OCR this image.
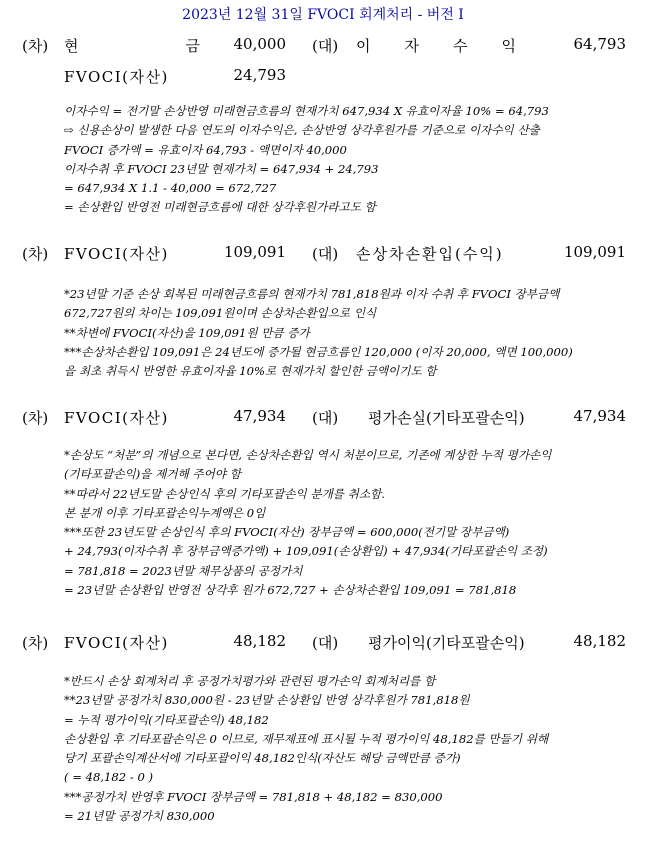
2023년 12월 31일 FVOCI 회계처리 - 버전 I
(차) 현	금	40,000 (대) 이 자 수 익	64,793
FVOCI(자산)	24,793
이자수익 = 전기말 손상반영 미래현금흐름의 현재가치 647,934 X 유효이자율 10% = 64,793
⇨ 신용손상이 발생한 다음 연도의 이자수익은, 손상반영 상각후원가를 기준으로 이자수익 산출
FVOCI 증가액 = 유효이자 64,793 - 액면이자 40,000
이자수취 후 FVOCI 23년말 현재가치 = 647,934 + 24,793
= 647,934 X 1.1 - 40,000 = 672,727
= 손상환입 반영전 미래현금흐름에 대한 상각후원가라고도 함
(차) FVOCI(자산)	109,091 (대) 손상차손환입(수익)	109,091
*23년말 기준 손상 회복된 미래현금흐름의 현재가치 781,818원과 이자 수취 후 FVOCI 장부금액
672,727원의 차이는 109,091원이며 손상차손환입으로 인식
**차변에 FVOCI(자산)을 109,091원 만큼 증가
***손상차손환입 109,091은 24년도에 증가될 현금흐름인 120,000 (이자 20,000, 액면 100,000)
을 최초 취득시 반영한 유효이자율 10%로 현재가치 할인한 금액이기도 함
(차) FVOCI(자산)	47,934 (대) 평가손실(기타포괄손익)	47,934
*손상도 “처분”의 개념으로 본다면, 손상차손환입 역시 처분이므로, 기존에 계상한 누적 평가손익
(기타포괄손익)을 제거해 주어야 함
**따라서 22년도말 손상인식 후의 기타포괄손익 분개를 취소함.
본 분개 이후 기타포괄손익누계액은 0임
***또한 23년도말 손상인식 후의 FVOCI(자산) 장부금액 = 600,000(전기말 장부금액)
+ 24,793(이자수취 후 장부금액증가액) + 109,091(손상환입) + 47,934(기타포괄손익 조정)
= 781,818 = 2023년말 채무상품의 공정가치
= 23년말 손상환입 반영전 상각후 원가 672,727 + 손상차손환입 109,091 = 781,818
(차) FVOCI(자산)	48,182 (대) 평가이익(기타포괄손익)	48,182
*반드시 손상 회계처리 후 공정가치평가와 관련된 평가손익 회계처리를 함
**23년말 공정가치 830,000원 - 23년말 손상환입 반영 상각후원가 781,818원
= 누적 평가이익(기타포괄손익) 48,182
손상환입 후 기타포괄손익은 0 이므로, 재무제표에 표시될 누적 평가이익 48,182를 만들기 위해
당기 포괄손익계산서에 기타포괄이익 48,182인식(자산도 해당 금액만큼 증가)
( = 48,182 - 0 )
***공정가치 반영후 FVOCI 장부금액 = 781,818 + 48,182 = 830,000
= 21년말 공정가치 830,000
